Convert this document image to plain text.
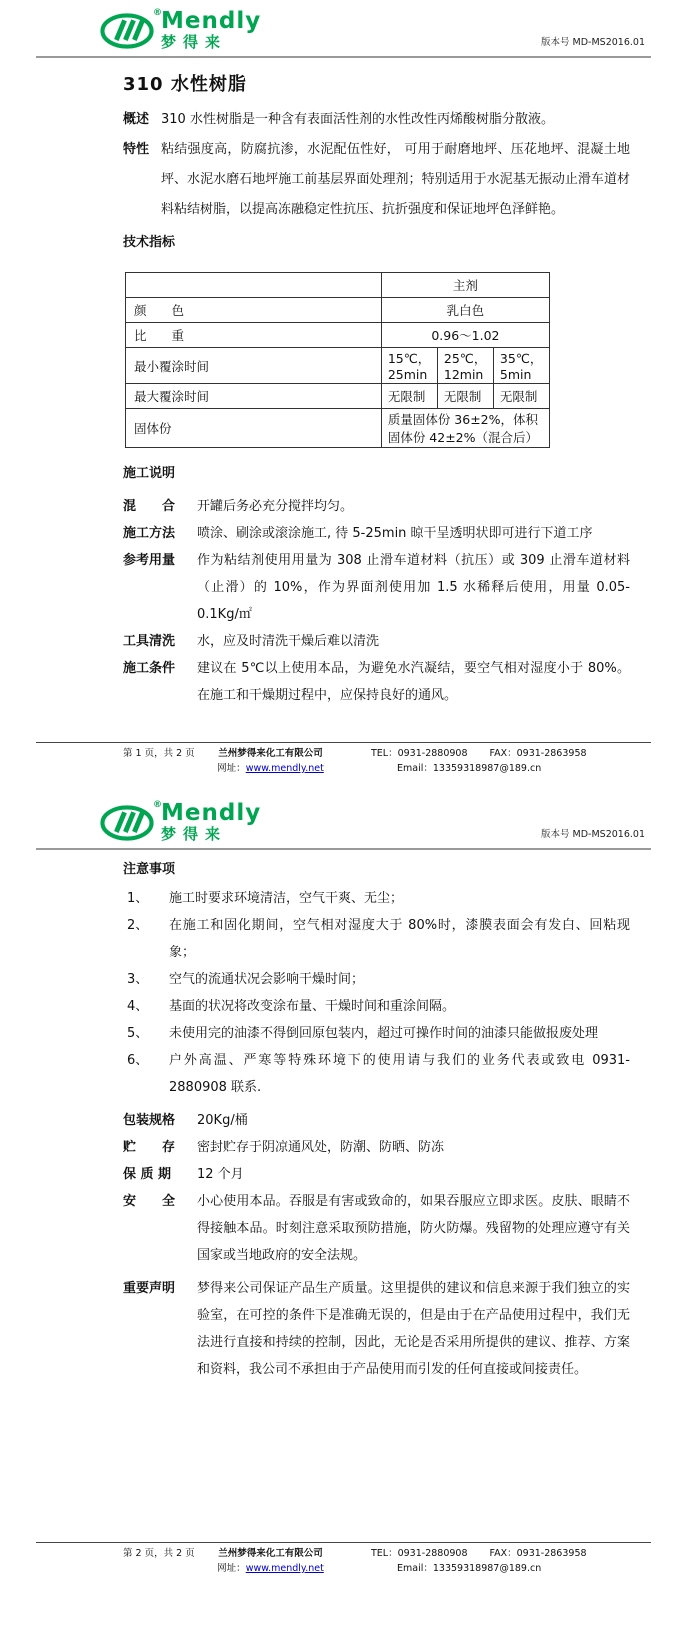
® Mendly
梦得来	版本号 MD-MS2016.01
310 水性树脂
概述 310 水性树脂是一种含有表面活性剂的水性改性丙烯酸树脂分散液。
特性 粘结强度高，防腐抗渗，水泥配伍性好， 可用于耐磨地坪、压花地坪、混凝土地坪、水泥水磨石地坪施工前基层界面处理剂；特别适用于水泥基无振动止滑车道材料粘结树脂，以提高冻融稳定性抗压、抗折强度和保证地坪色泽鲜艳。
技术指标
	主剂		
颜　　色	乳白色		
比　　重	0.96～1.02		
最小覆涂时间	15℃，25min	25℃，12min	35℃，5min
最大覆涂时间	无限制	无限制	无限制
固体份	质量固体份 36±2%，体积固体份 42±2%（混合后）		
施工说明
混　　合	开罐后务必充分搅拌均匀。
施工方法	喷涂、刷涂或滚涂施工, 待 5-25min 晾干呈透明状即可进行下道工序
参考用量	作为粘结剂使用用量为 308 止滑车道材料（抗压）或 309 止滑车道材料（止滑）的 10%，作为界面剂使用加 1.5 水稀释后使用，用量 0.05-0.1Kg/㎡
工具清洗	水，应及时清洗干燥后难以清洗
施工条件	建议在 5℃以上使用本品，为避免水汽凝结，要空气相对湿度小于 80%。在施工和干燥期过程中，应保持良好的通风。
第 1 页，共 2 页	兰州梦得来化工有限公司
网址：www.mendly.net
TEL：0931-2880908 FAX：0931-2863958
Email：13359318987@189.cn
® Mendly
梦得来	版本号 MD-MS2016.01
注意事项
1、	施工时要求环境清洁，空气干爽、无尘；
2、	在施工和固化期间，空气相对湿度大于 80%时，漆膜表面会有发白、回粘现象；
3、	空气的流通状况会影响干燥时间；
4、	基面的状况将改变涂布量、干燥时间和重涂间隔。
5、	未使用完的油漆不得倒回原包装内，超过可操作时间的油漆只能做报废处理
6、	户外高温、严寒等特殊环境下的使用请与我们的业务代表或致电 0931-2880908 联系.
包装规格	20Kg/桶
贮　　存	密封贮存于阴凉通风处，防潮、防晒、防冻
保 质 期	12 个月
安　　全	小心使用本品。吞服是有害或致命的，如果吞服应立即求医。皮肤、眼睛不得接触本品。时刻注意采取预防措施，防火防爆。残留物的处理应遵守有关国家或当地政府的安全法规。
重要声明	梦得来公司保证产品生产质量。这里提供的建议和信息来源于我们独立的实验室，在可控的条件下是准确无误的，但是由于在产品使用过程中，我们无法进行直接和持续的控制，因此，无论是否采用所提供的建议、推荐、方案和资料，我公司不承担由于产品使用而引发的任何直接或间接责任。
第 2 页，共 2 页	兰州梦得来化工有限公司
网址：www.mendly.net
TEL：0931-2880908 FAX：0931-2863958
Email：13359318987@189.cn
